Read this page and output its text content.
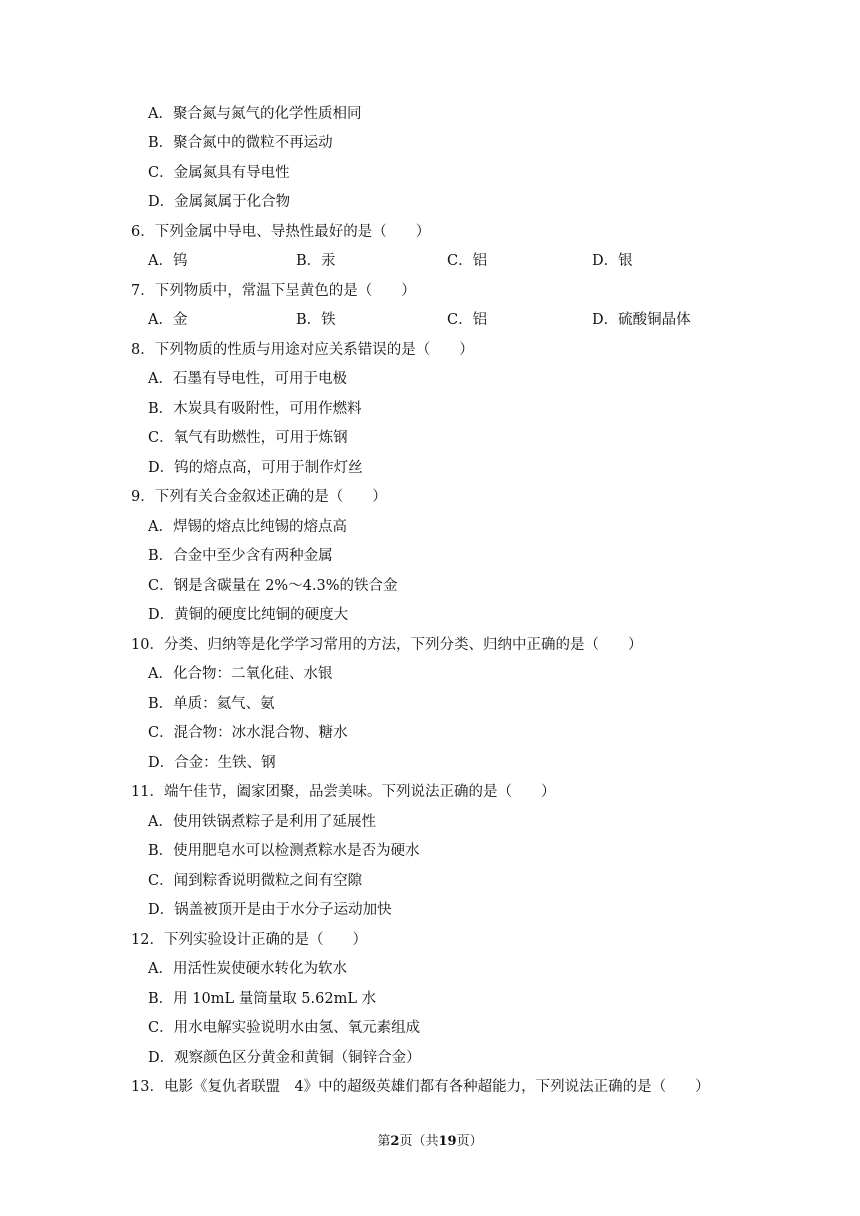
A．聚合氮与氮气的化学性质相同
B．聚合氮中的微粒不再运动
C．金属氮具有导电性
D．金属氮属于化合物
6．下列金属中导电、导热性最好的是（　　）
A．钨	B．汞	C．铝	D．银
7．下列物质中，常温下呈黄色的是（　　）
A．金	B．铁	C．铝	D．硫酸铜晶体
8．下列物质的性质与用途对应关系错误的是（　　）
A．石墨有导电性，可用于电极
B．木炭具有吸附性，可用作燃料
C．氧气有助燃性，可用于炼钢
D．钨的熔点高，可用于制作灯丝
9．下列有关合金叙述正确的是（　　）
A．焊锡的熔点比纯锡的熔点高
B．合金中至少含有两种金属
C．钢是含碳量在 2%～4.3%的铁合金
D．黄铜的硬度比纯铜的硬度大
10．分类、归纳等是化学学习常用的方法，下列分类、归纳中正确的是（　　）
A．化合物：二氧化硅、水银
B．单质：氦气、氨
C．混合物：冰水混合物、糖水
D．合金：生铁、钢
11．端午佳节，阖家团聚，品尝美味。下列说法正确的是（　　）
A．使用铁锅煮粽子是利用了延展性
B．使用肥皂水可以检测煮粽水是否为硬水
C．闻到粽香说明微粒之间有空隙
D．锅盖被顶开是由于水分子运动加快
12．下列实验设计正确的是（　　）
A．用活性炭使硬水转化为软水
B．用 10mL 量筒量取 5.62mL 水
C．用水电解实验说明水由氢、氧元素组成
D．观察颜色区分黄金和黄铜（铜锌合金）
13．电影《复仇者联盟　4》中的超级英雄们都有各种超能力，下列说法正确的是（　　）
第2页（共19页）
